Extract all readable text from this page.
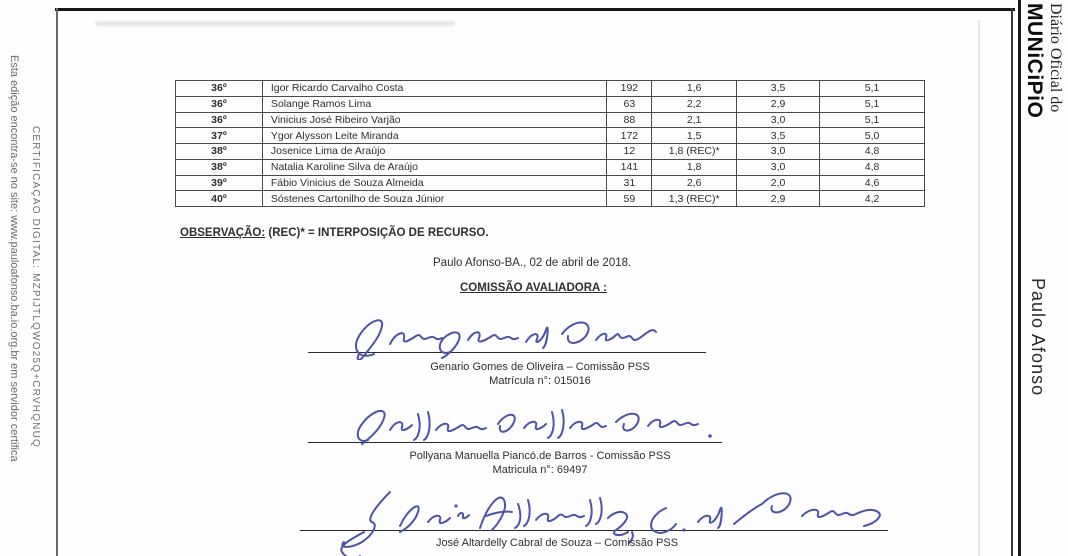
Esta edição encontra-se no site: www.pauloafonso.ba.io.org.br em servidor certifica CERTIFICAÇÃO DIGITAL: MZPIJTLQWO25Q+CRVHQNUQ
Diário Oficial do
MUNiCiPiO
Paulo Afonso
36º	Igor Ricardo Carvalho Costa	192	1,6	3,5	5,1
36º	Solange Ramos Lima	63	2,2	2,9	5,1
36º	Vinicius José Ribeiro Varjão	88	2,1	3,0	5,1
37º	Ygor Alysson Leite Miranda	172	1,5	3,5	5,0
38º	Josenice Lima de Araújo	12	1,8 (REC)*	3,0	4,8
38º	Natalia Karoline Silva de Araújo	141	1,8	3,0	4,8
39º	Fábio Vinicius de Souza Almeida	31	2,6	2,0	4,6
40º	Sóstenes Cartonilho de Souza Júnior	59	1,3 (REC)*	2,9	4,2
OBSERVAÇÃO: (REC)* = INTERPOSIÇÃO DE RECURSO.
Paulo Afonso-BA., 02 de abril de 2018.
COMISSÃO AVALIADORA :
Genario Gomes de Oliveira – Comissão PSS
Matrícula n°: 015016
Pollyana Manuella Piancó.de Barros - Comissão PSS
Matricula n°: 69497
José Altardelly Cabral de Souza – Comissão PSS
